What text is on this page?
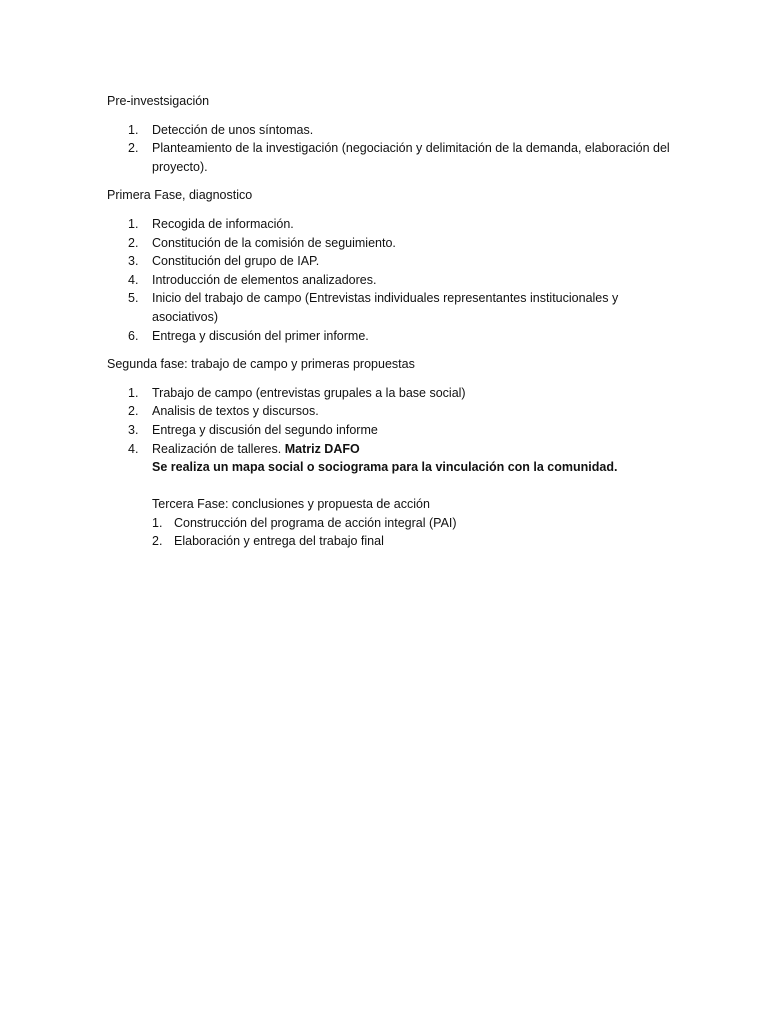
Pre-investsigación
1. Detección de unos síntomas.
2. Planteamiento de la investigación (negociación y delimitación de la demanda, elaboración del proyecto).
Primera Fase, diagnostico
1. Recogida de información.
2. Constitución de la comisión de seguimiento.
3. Constitución del grupo de IAP.
4. Introducción de elementos analizadores.
5. Inicio del trabajo de campo (Entrevistas individuales representantes institucionales y asociativos)
6. Entrega y discusión del primer informe.
Segunda fase: trabajo de campo y primeras propuestas
1. Trabajo de campo (entrevistas grupales a la base social)
2. Analisis de textos y discursos.
3. Entrega y discusión del segundo informe
4. Realización de talleres. Matriz DAFO
Se realiza un mapa social o sociograma para la vinculación con la comunidad.
Tercera Fase: conclusiones y propuesta de acción
1. Construcción del programa de acción integral (PAI)
2. Elaboración y entrega del trabajo final
